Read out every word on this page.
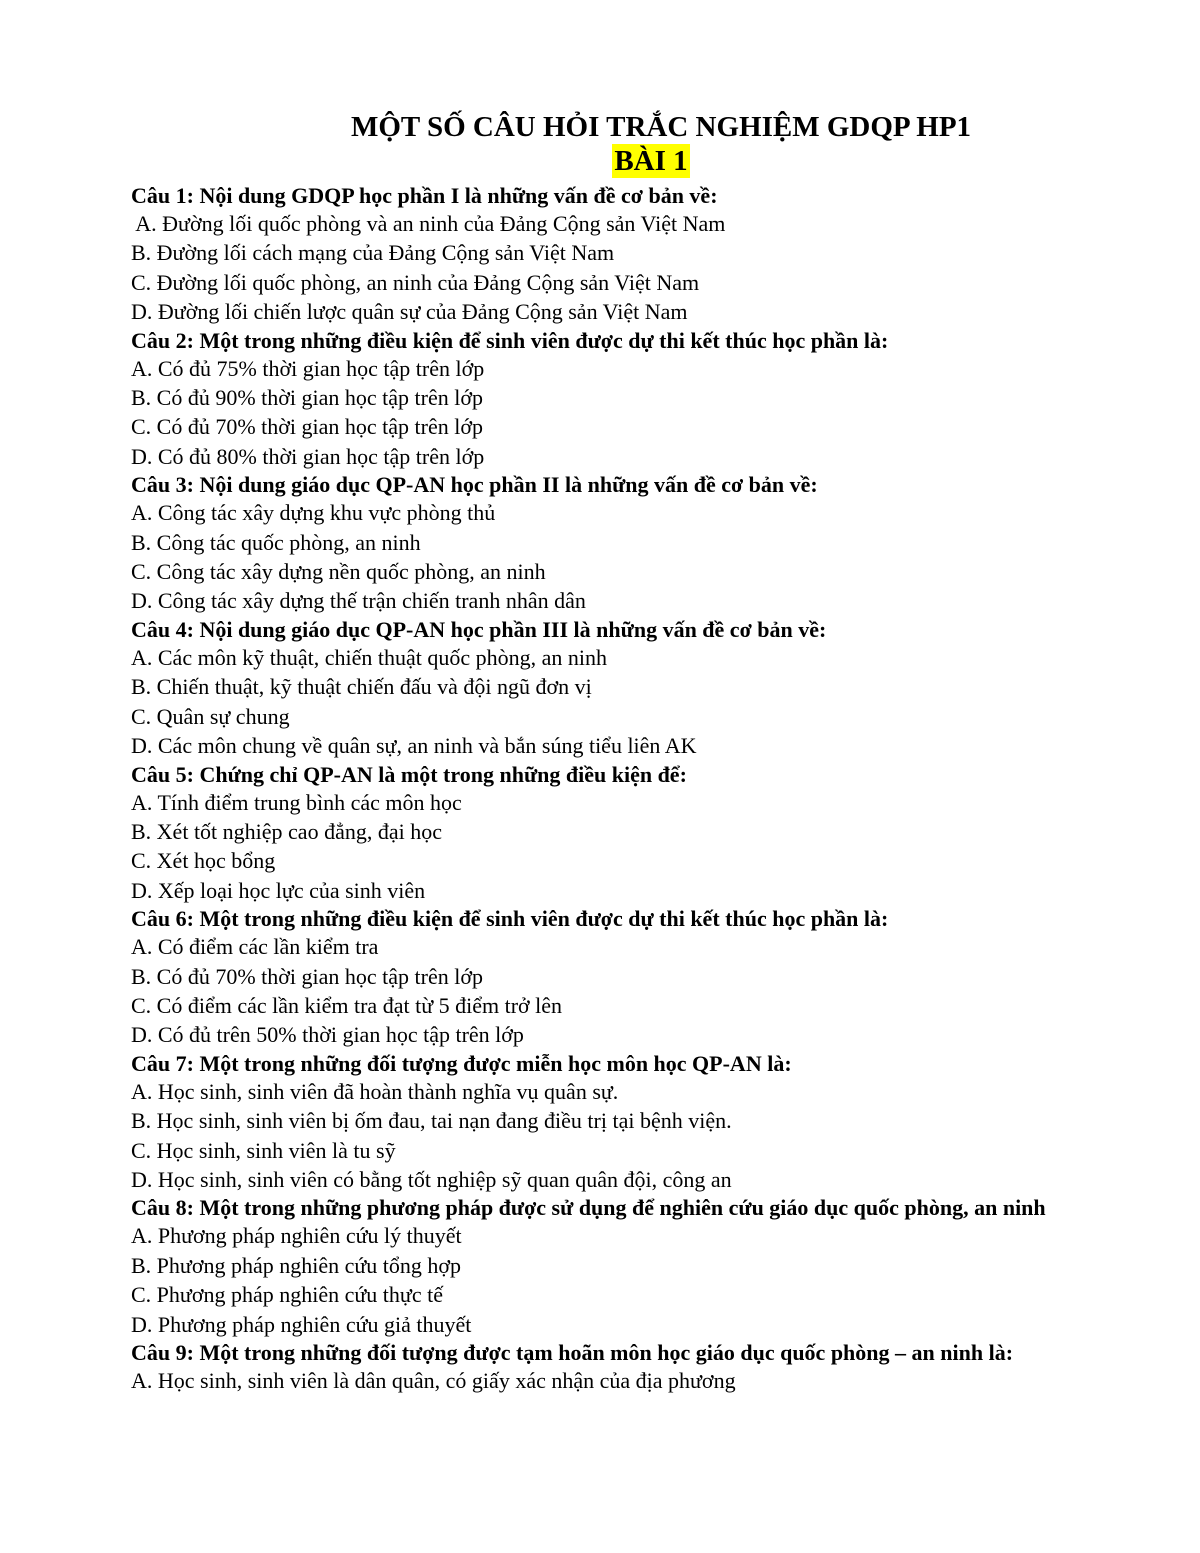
MỘT SỐ CÂU HỎI TRẮC NGHIỆM GDQP HP1
BÀI 1

Câu 1: Nội dung GDQP học phần I là những vấn đề cơ bản về:

A. Đường lối quốc phòng và an ninh của Đảng Cộng sản Việt Nam

B. Đường lối cách mạng của Đảng Cộng sản Việt Nam

C. Đường lối quốc phòng, an ninh của Đảng Cộng sản Việt Nam

D. Đường lối chiến lược quân sự của Đảng Cộng sản Việt Nam

Câu 2: Một trong những điều kiện để sinh viên được dự thi kết thúc học phần là:

A. Có đủ 75% thời gian học tập trên lớp

B. Có đủ 90% thời gian học tập trên lớp

C. Có đủ 70% thời gian học tập trên lớp

D. Có đủ 80% thời gian học tập trên lớp

Câu 3: Nội dung giáo dục QP-AN học phần II là những vấn đề cơ bản về:

A. Công tác xây dựng khu vực phòng thủ

B. Công tác quốc phòng, an ninh

C. Công tác xây dựng nền quốc phòng, an ninh

D. Công tác xây dựng thế trận chiến tranh nhân dân

Câu 4: Nội dung giáo dục QP-AN học phần III là những vấn đề cơ bản về:

A. Các môn kỹ thuật, chiến thuật quốc phòng, an ninh

B. Chiến thuật, kỹ thuật chiến đấu và đội ngũ đơn vị

C. Quân sự chung

D. Các môn chung về quân sự, an ninh và bắn súng tiểu liên AK

Câu 5: Chứng chỉ QP-AN là một trong những điều kiện để:

A. Tính điểm trung bình các môn học

B. Xét tốt nghiệp cao đẳng, đại học

C. Xét học bổng

D. Xếp loại học lực của sinh viên

Câu 6: Một trong những điều kiện để sinh viên được dự thi kết thúc học phần là:

A. Có điểm các lần kiểm tra

B. Có đủ 70% thời gian học tập trên lớp

C. Có điểm các lần kiểm tra đạt từ 5 điểm trở lên

D. Có đủ trên 50% thời gian học tập trên lớp

Câu 7: Một trong những đối tượng được miễn học môn học QP-AN là:

A. Học sinh, sinh viên đã hoàn thành nghĩa vụ quân sự.

B. Học sinh, sinh viên bị ốm đau, tai nạn đang điều trị tại bệnh viện.

C. Học sinh, sinh viên là tu sỹ

D. Học sinh, sinh viên có bằng tốt nghiệp sỹ quan quân đội, công an

Câu 8: Một trong những phương pháp được sử dụng để nghiên cứu giáo dục quốc phòng, an ninh

A. Phương pháp nghiên cứu lý thuyết

B. Phương pháp nghiên cứu tổng hợp

C. Phương pháp nghiên cứu thực tế

D. Phương pháp nghiên cứu giả thuyết

Câu 9: Một trong những đối tượng được tạm hoãn môn học giáo dục quốc phòng – an ninh là:

A. Học sinh, sinh viên là dân quân, có giấy xác nhận của địa phương
